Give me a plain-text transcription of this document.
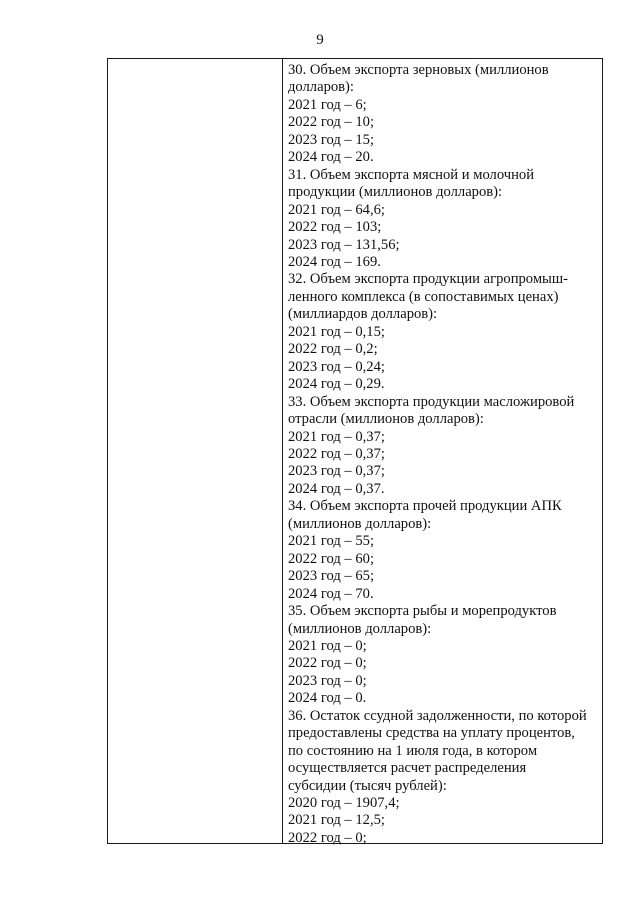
9
30. Объем экспорта зерновых (миллионов
долларов):
2021 год – 6;
2022 год – 10;
2023 год – 15;
2024 год – 20.
31. Объем экспорта мясной и молочной
продукции (миллионов долларов):
2021 год – 64,6;
2022 год – 103;
2023 год – 131,56;
2024 год – 169.
32. Объем экспорта продукции агропромыш-
ленного комплекса (в сопоставимых ценах)
(миллиардов долларов):
2021 год – 0,15;
2022 год – 0,2;
2023 год – 0,24;
2024 год – 0,29.
33. Объем экспорта продукции масложировой
отрасли (миллионов долларов):
2021 год – 0,37;
2022 год – 0,37;
2023 год – 0,37;
2024 год – 0,37.
34. Объем экспорта прочей продукции АПК
(миллионов долларов):
2021 год – 55;
2022 год – 60;
2023 год – 65;
2024 год – 70.
35. Объем экспорта рыбы и морепродуктов
(миллионов долларов):
2021 год – 0;
2022 год – 0;
2023 год – 0;
2024 год – 0.
36. Остаток ссудной задолженности, по которой
предоставлены средства на уплату процентов,
по состоянию на 1 июля года, в котором
осуществляется расчет распределения
субсидии (тысяч рублей):
2020 год – 1907,4;
2021 год – 12,5;
2022 год – 0;
